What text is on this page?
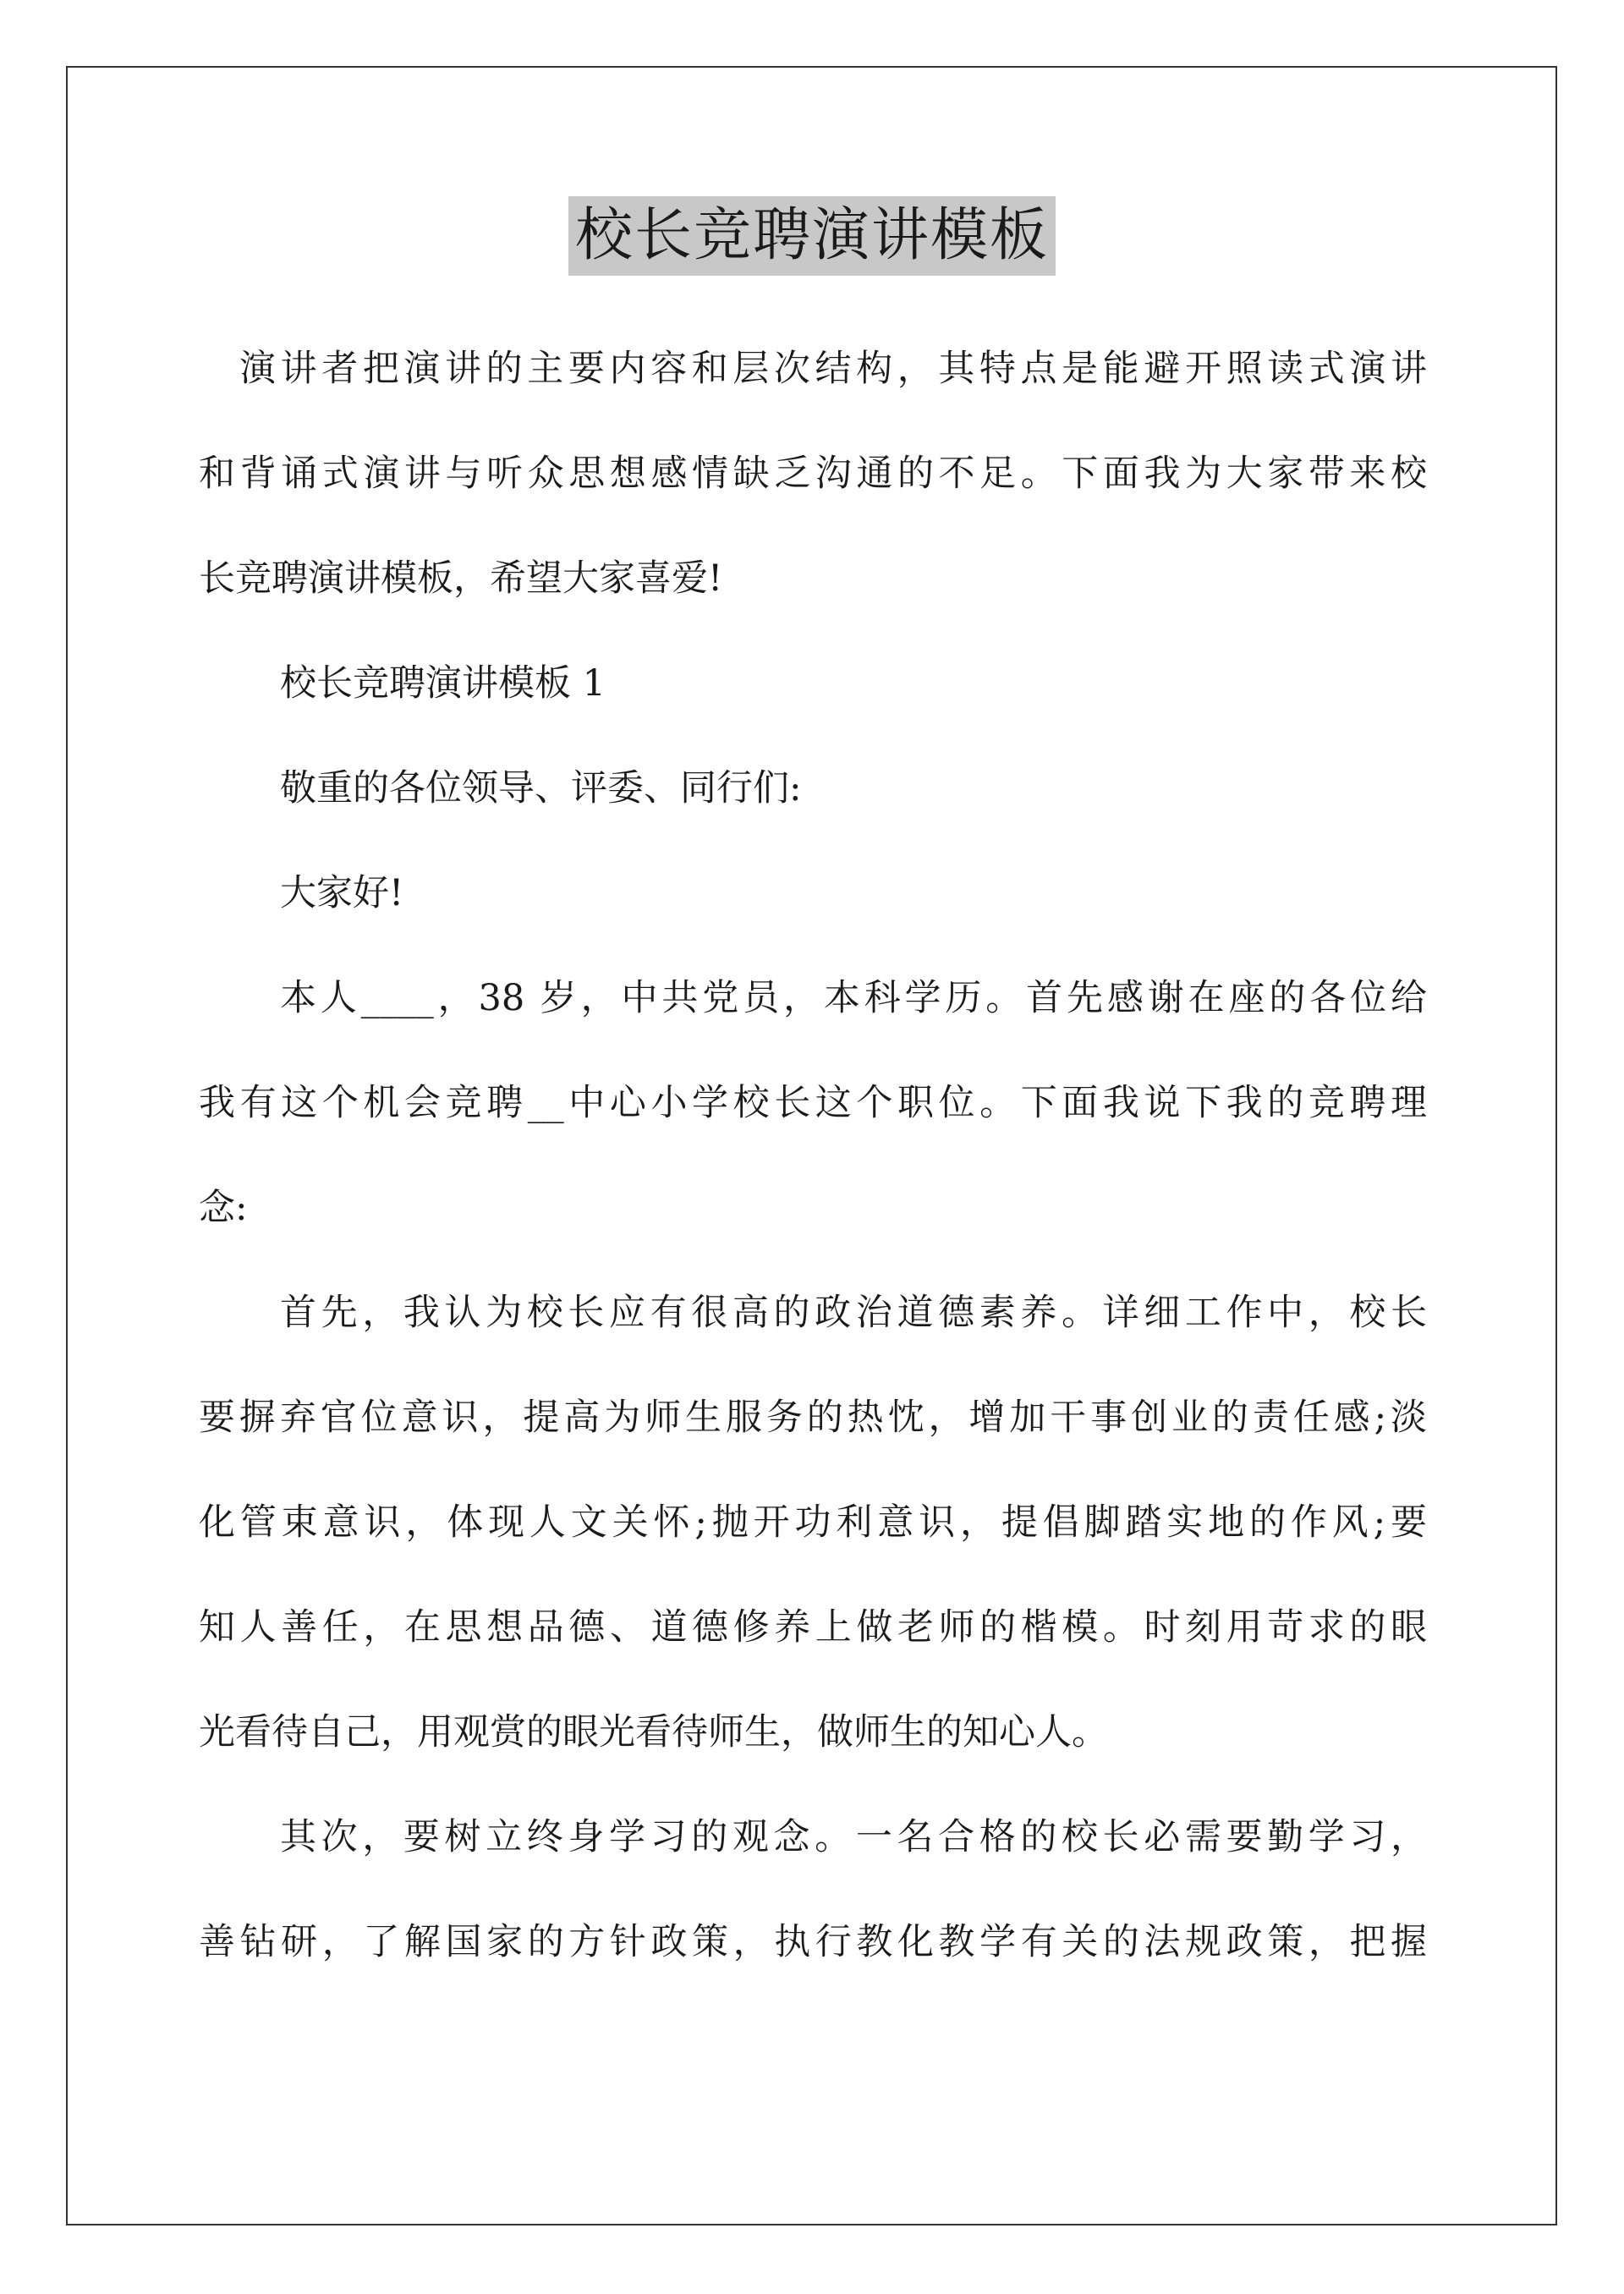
校长竞聘演讲模板
演讲者把演讲的主要内容和层次结构，其特点是能避开照读式演讲
和背诵式演讲与听众思想感情缺乏沟通的不足。下面我为大家带来校
长竞聘演讲模板，希望大家喜爱!
校长竞聘演讲模板 1
敬重的各位领导、评委、同行们:
大家好!
本人____，38 岁，中共党员，本科学历。首先感谢在座的各位给
我有这个机会竞聘__中心小学校长这个职位。下面我说下我的竞聘理
念:
首先，我认为校长应有很高的政治道德素养。详细工作中，校长
要摒弃官位意识，提高为师生服务的热忱，增加干事创业的责任感;淡
化管束意识，体现人文关怀;抛开功利意识，提倡脚踏实地的作风;要
知人善任，在思想品德、道德修养上做老师的楷模。时刻用苛求的眼
光看待自己，用观赏的眼光看待师生，做师生的知心人。
其次，要树立终身学习的观念。一名合格的校长必需要勤学习，
善钻研，了解国家的方针政策，执行教化教学有关的法规政策，把握
